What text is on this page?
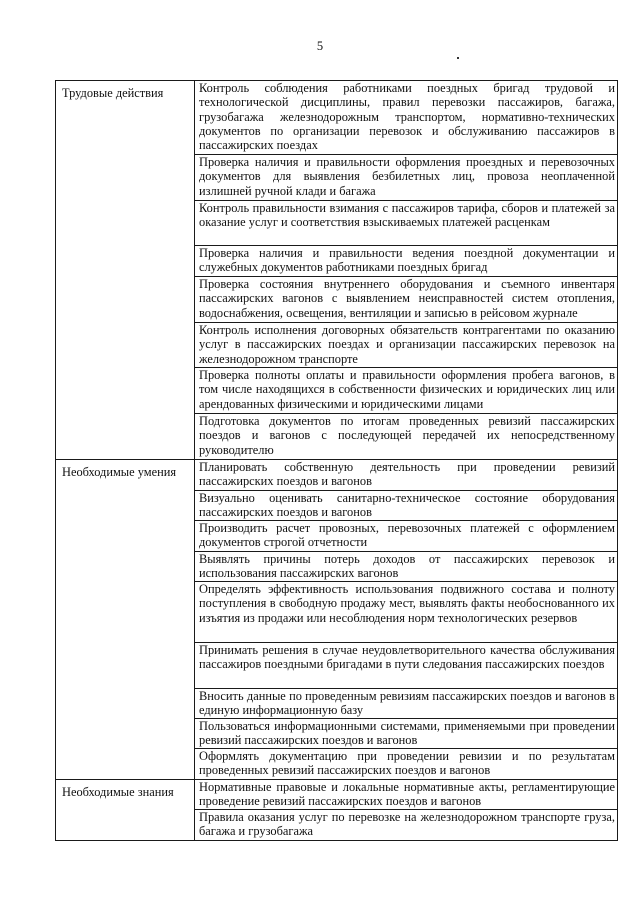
5
Трудовые действия	Контроль соблюдения работниками поездных бригад трудовой и технологической дисциплины, правил перевозки пассажиров, багажа, грузобагажа железнодорожным транспортом, нормативно-технических документов по организации перевозок и обслуживанию пассажиров в пассажирских поездах

	Проверка наличия и правильности оформления проездных и перевозочных документов для выявления безбилетных лиц, провоза неоплаченной излишней ручной клади и багажа

	Контроль правильности взимания с пассажиров тарифа, сборов и платежей за оказание услуг и соответствия взыскиваемых платежей расценкам

	Проверка наличия и правильности ведения поездной документации и служебных документов работниками поездных бригад

	Проверка состояния внутреннего оборудования и съемного инвентаря пассажирских вагонов с выявлением неисправностей систем отопления, водоснабжения, освещения, вентиляции и записью в рейсовом журнале

	Контроль исполнения договорных обязательств контрагентами по оказанию услуг в пассажирских поездах и организации пассажирских перевозок на железнодорожном транспорте

	Проверка полноты оплаты и правильности оформления пробега вагонов, в том числе находящихся в собственности физических и юридических лиц или арендованных физическими и юридическими лицами

	Подготовка документов по итогам проведенных ревизий пассажирских поездов и вагонов с последующей передачей их непосредственному руководителю

Необходимые умения	Планировать собственную деятельность при проведении ревизий пассажирских поездов и вагонов

	Визуально оценивать санитарно-техническое состояние оборудования пассажирских поездов и вагонов

	Производить расчет провозных, перевозочных платежей с оформлением документов строгой отчетности

	Выявлять причины потерь доходов от пассажирских перевозок и использования пассажирских вагонов

	Определять эффективность использования подвижного состава и полноту поступления в свободную продажу мест, выявлять факты необоснованного их изъятия из продажи или несоблюдения норм технологических резервов

	Принимать решения в случае неудовлетворительного качества обслуживания пассажиров поездными бригадами в пути следования пассажирских поездов

	Вносить данные по проведенным ревизиям пассажирских поездов и вагонов в единую информационную базу

	Пользоваться информационными системами, применяемыми при проведении ревизий пассажирских поездов и вагонов

	Оформлять документацию при проведении ревизии и по результатам проведенных ревизий пассажирских поездов и вагонов

Необходимые знания	Нормативные правовые и локальные нормативные акты, регламентирующие проведение ревизий пассажирских поездов и вагонов

	Правила оказания услуг по перевозке на железнодорожном транспорте груза, багажа и грузобагажа
